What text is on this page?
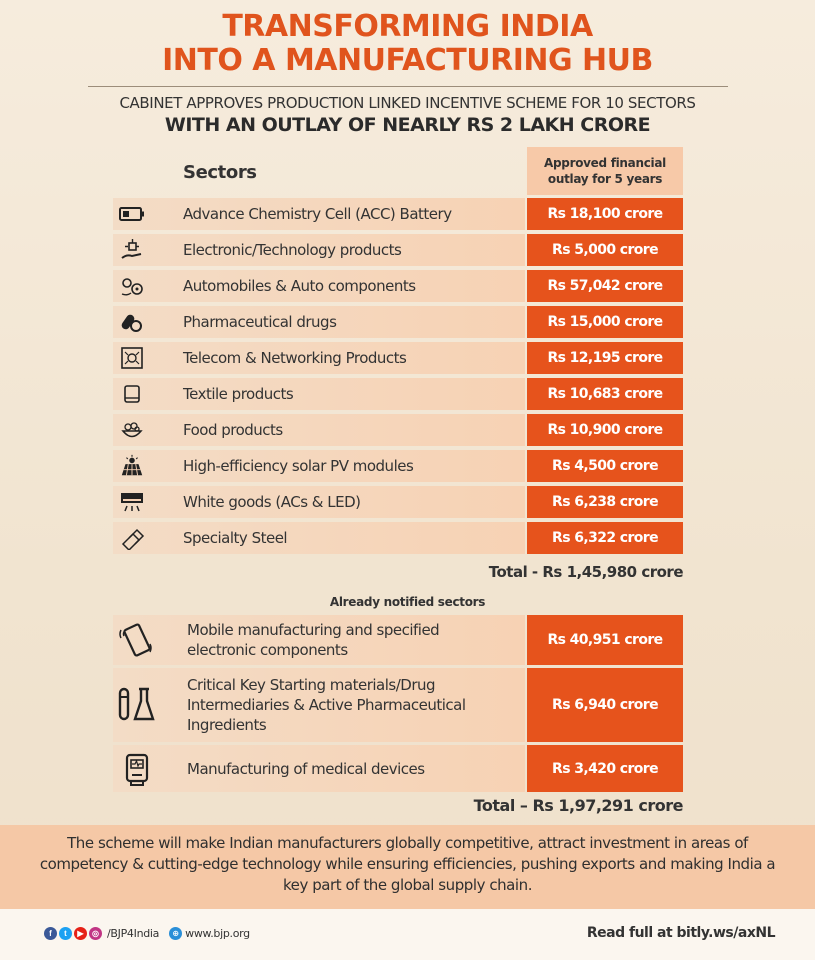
TRANSFORMING INDIA
INTO A MANUFACTURING HUB
CABINET APPROVES PRODUCTION LINKED INCENTIVE SCHEME FOR 10 SECTORS
WITH AN OUTLAY OF NEARLY RS 2 LAKH CRORE
Sectors	Approved financial
outlay for 5 years
Advance Chemistry Cell (ACC) Battery	Rs 18,100 crore
Electronic/Technology products	Rs 5,000 crore
Automobiles & Auto components	Rs 57,042 crore
Pharmaceutical drugs	Rs 15,000 crore
Telecom & Networking Products	Rs 12,195 crore
Textile products	Rs 10,683 crore
Food products	Rs 10,900 crore
High-efficiency solar PV modules	Rs 4,500 crore
White goods (ACs & LED)	Rs 6,238 crore
Specialty Steel	Rs 6,322 crore
Total - Rs 1,45,980 crore
Already notified sectors
Mobile manufacturing and specified electronic components
Rs 40,951 crore
Critical Key Starting materials/Drug Intermediaries & Active Pharmaceutical Ingredients
Rs 6,940 crore
Manufacturing of medical devices	Rs 3,420 crore
Total – Rs 1,97,291 crore
The scheme will make Indian manufacturers globally competitive, attract investment in areas of competency & cutting-edge technology while ensuring efficiencies, pushing exports and making India a key part of the global supply chain.
f	t	▶	◎ /BJP4India	⊕ www.bjp.org	Read full at bitly.ws/axNL
